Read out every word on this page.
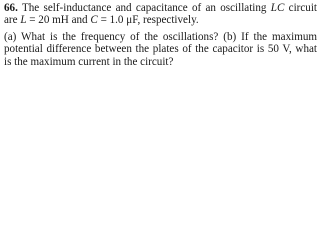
66. The self-inductance and capacitance of an oscillating LC circuit are L = 20 mH and C = 1.0 μF, respectively.

(a) What is the frequency of the oscillations? (b) If the maximum potential difference between the plates of the capacitor is 50 V, what is the maximum current in the circuit?
